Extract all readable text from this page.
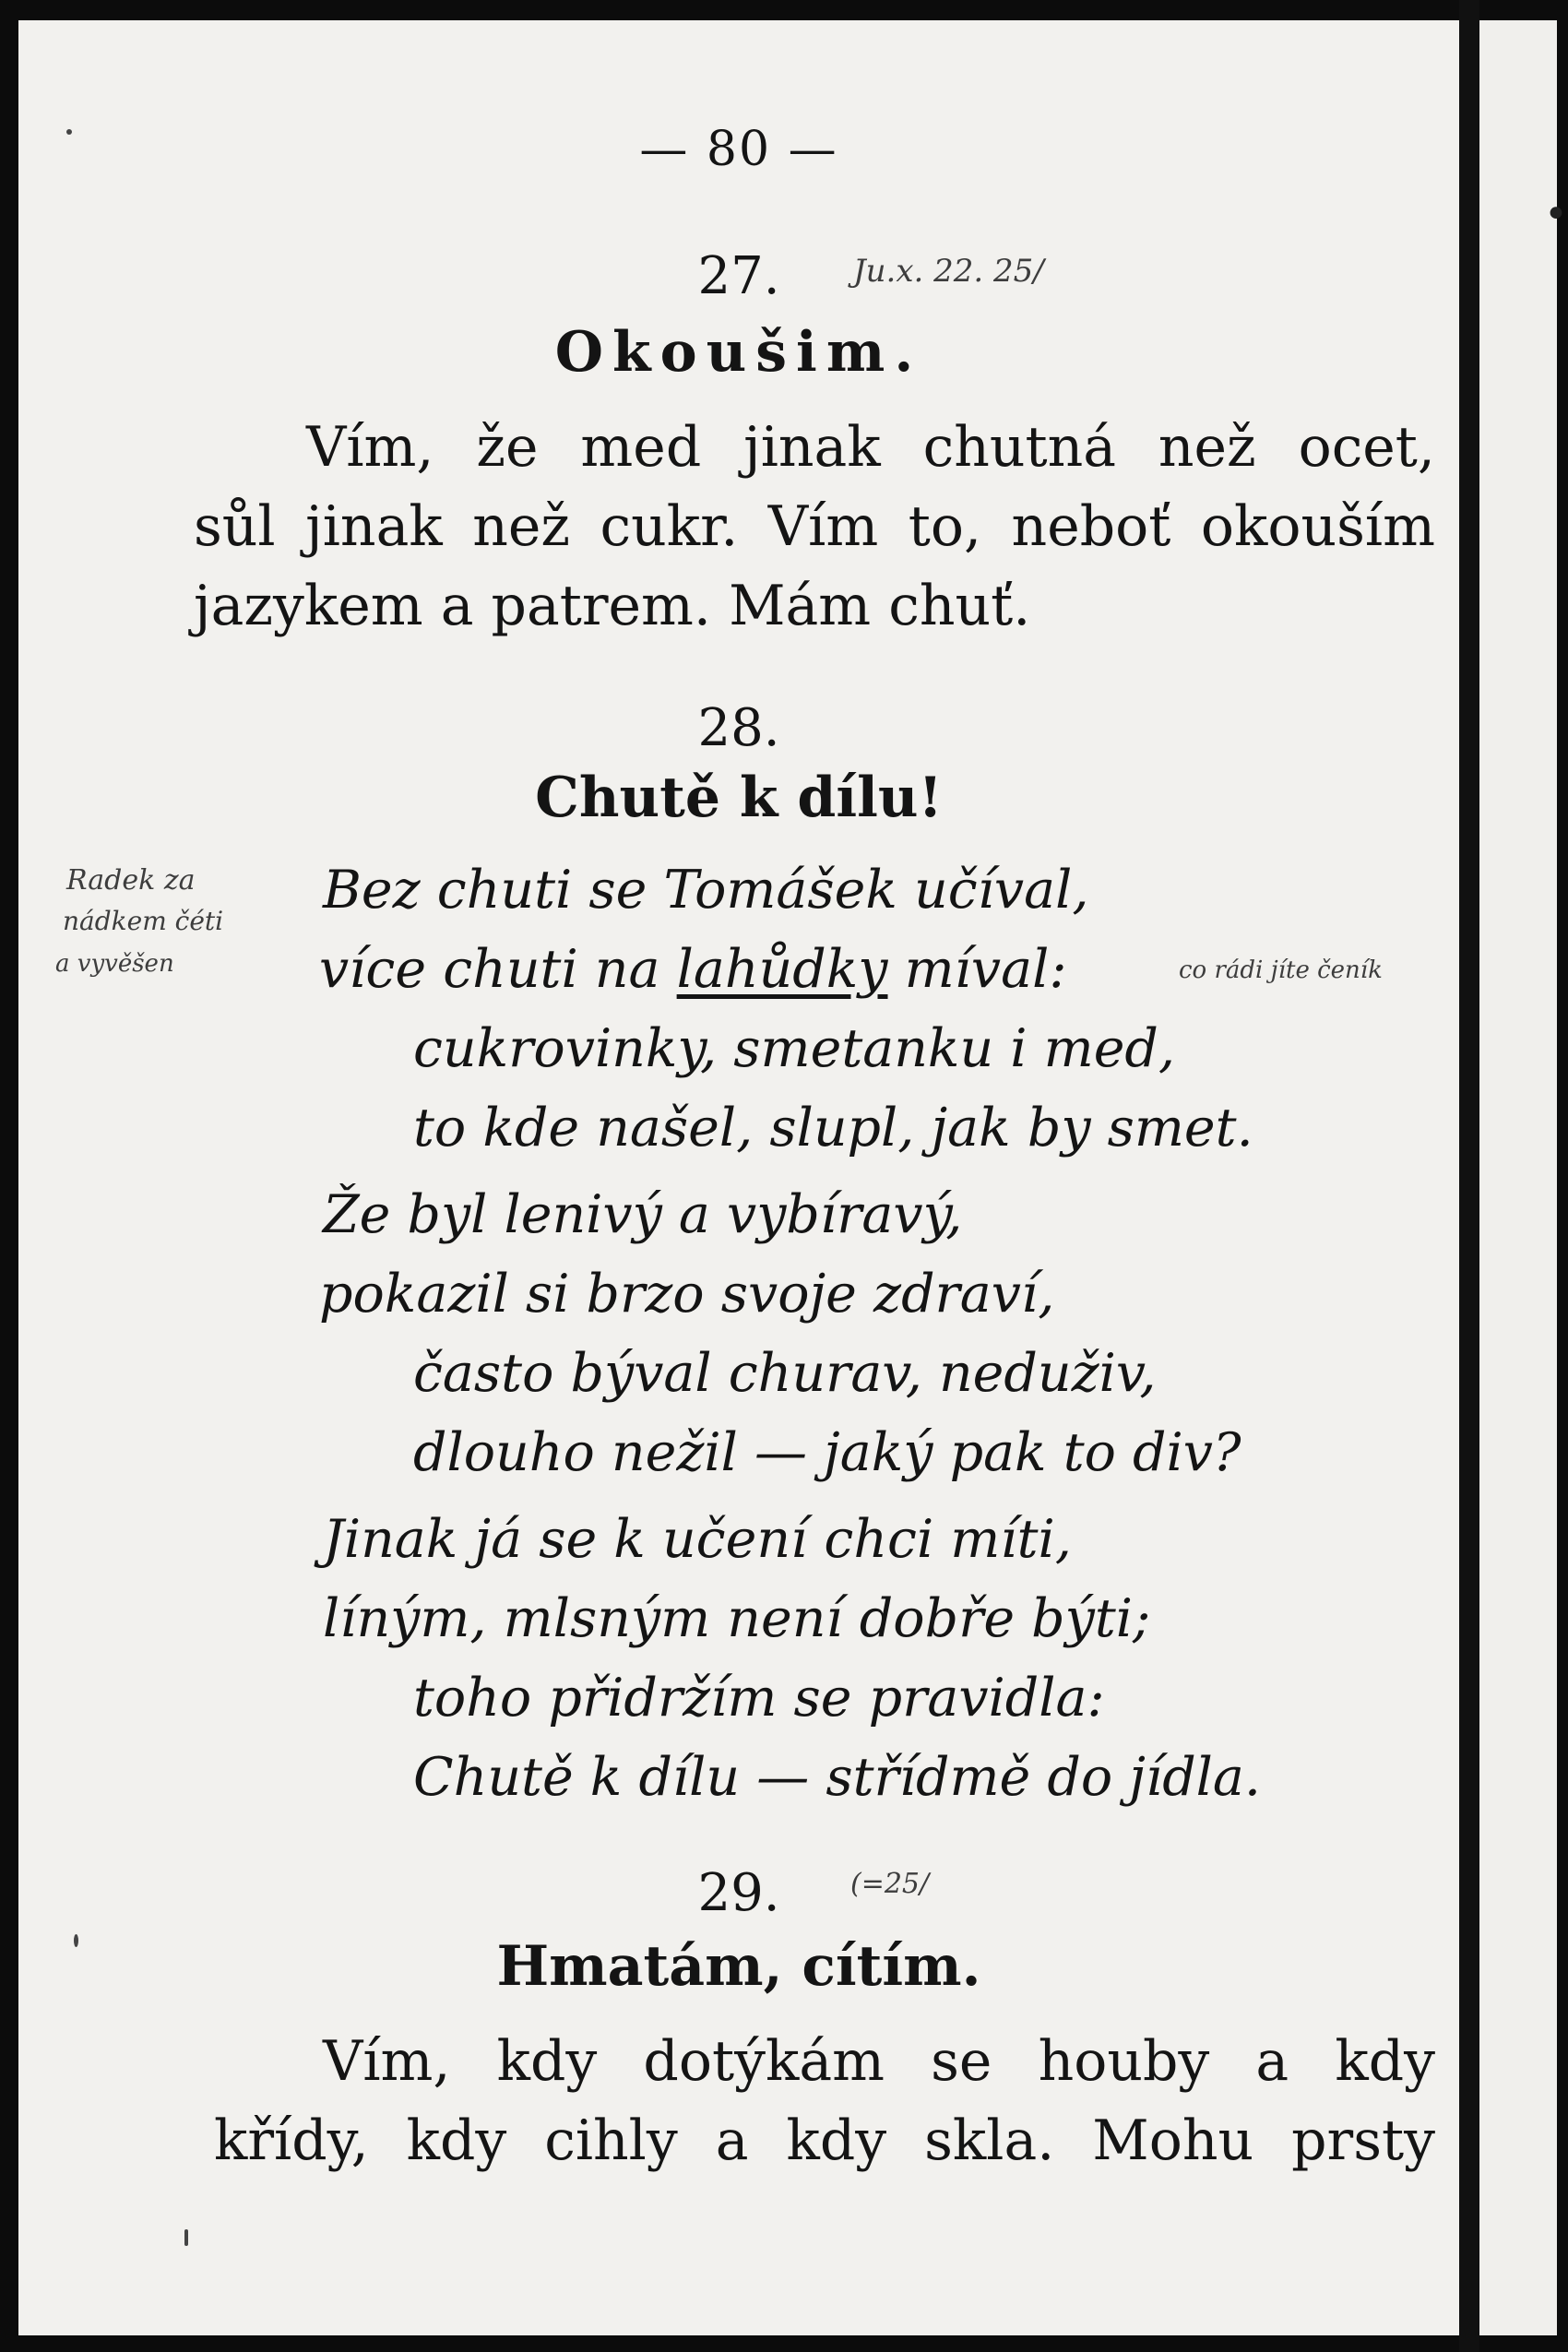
— 80 —
27.	Ju.x. 22. 25/
Okoušim.
Vím, že med jinak chutná než ocet,
sůl jinak než cukr. Vím to, neboť okouším
jazykem a patrem. Mám chuť.
28.
Chutě k dílu!
Radek za
nádkem čéti
a vyvěšen	co rádi jíte čeník
Bez chuti se Tomášek učíval,
více chuti na lahůdky míval:
cukrovinky, smetanku i med,
to kde našel, slupl, jak by smet.
Že byl lenivý a vybíravý,
pokazil si brzo svoje zdraví,
často býval churav, neduživ,
dlouho nežil — jaký pak to div?
Jinak já se k učení chci míti,
líným, mlsným není dobře býti;
toho přidržím se pravidla:
Chutě k dílu — střídmě do jídla.
29.	(=25/
Hmatám, cítím.
Vím, kdy dotýkám se houby a kdy
křídy, kdy cihly a kdy skla. Mohu prsty
•
